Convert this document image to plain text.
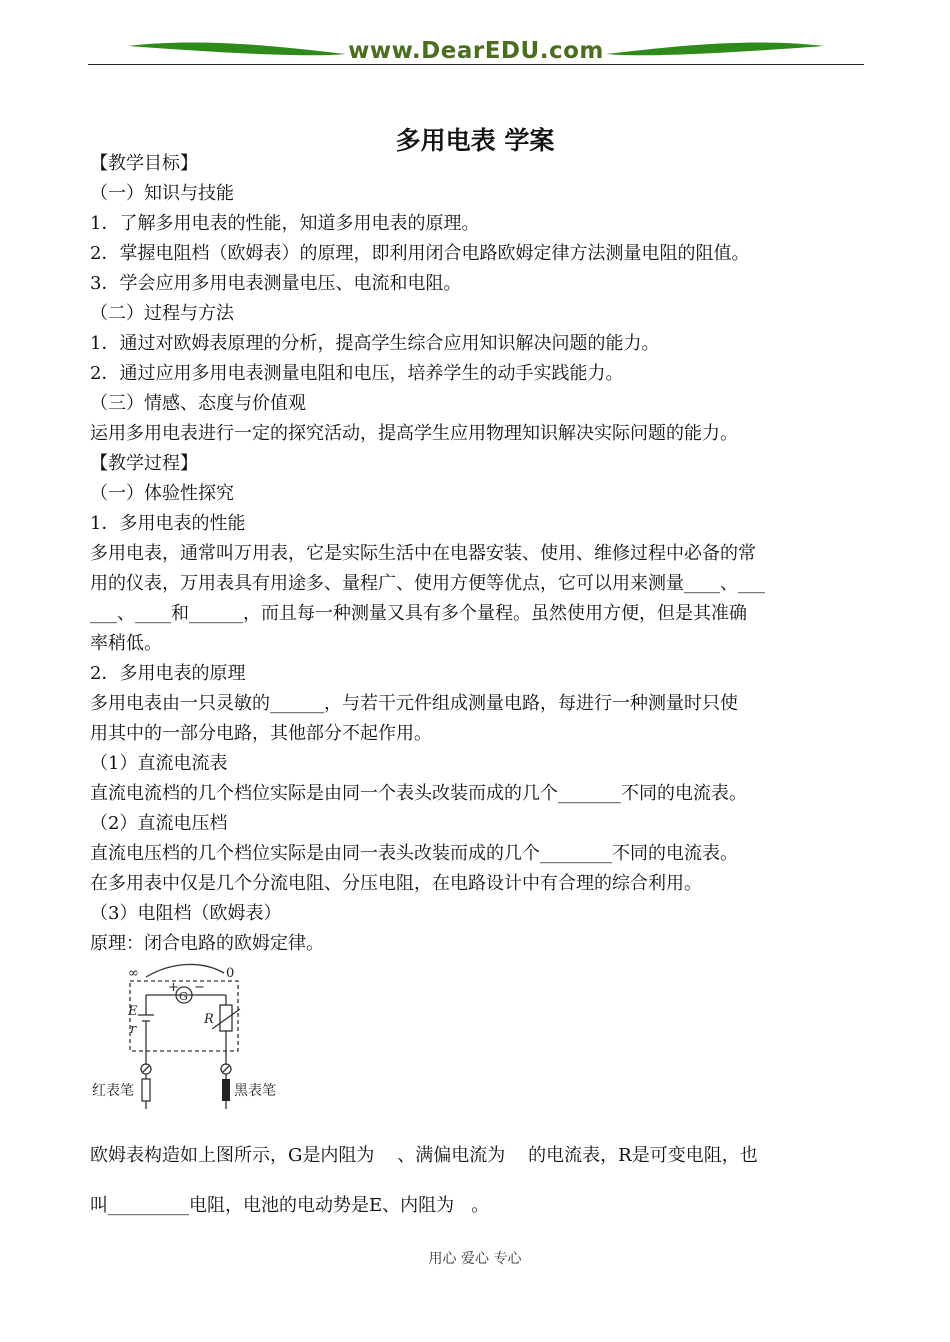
www.DearEDU.com
多用电表 学案
【教学目标】
（一）知识与技能
1．了解多用电表的性能，知道多用电表的原理。
2．掌握电阻档（欧姆表）的原理，即利用闭合电路欧姆定律方法测量电阻的阻值。
3．学会应用多用电表测量电压、电流和电阻。
（二）过程与方法
1．通过对欧姆表原理的分析，提高学生综合应用知识解决问题的能力。
2．通过应用多用电表测量电阻和电压，培养学生的动手实践能力。
（三）情感、态度与价值观
运用多用电表进行一定的探究活动，提高学生应用物理知识解决实际问题的能力。
【教学过程】
（一）体验性探究
1．多用电表的性能
多用电表，通常叫万用表，它是实际生活中在电器安装、使用、维修过程中必备的常
用的仪表，万用表具有用途多、量程广、使用方便等优点，它可以用来测量____、___
___、____和______，而且每一种测量又具有多个量程。虽然使用方便，但是其准确
率稍低。
2．多用电表的原理
多用电表由一只灵敏的______，与若干元件组成测量电路，每进行一种测量时只使
用其中的一部分电路，其他部分不起作用。
（1）直流电流表
直流电流档的几个档位实际是由同一个表头改装而成的几个_______不同的电流表。
（2）直流电压档
直流电压档的几个档位实际是由同一表头改装而成的几个________不同的电流表。
在多用表中仅是几个分流电阻、分压电阻，在电路设计中有合理的综合利用。
（3）电阻档（欧姆表）
原理：闭合电路的欧姆定律。
∞	0
+
G
−
E
r
R
红表笔	黑表笔
欧姆表构造如上图所示，G是内阻为    、满偏电流为    的电流表，R是可变电阻，也
叫_________电阻，电池的电动势是E、内阻为   。
用心 爱心 专心
